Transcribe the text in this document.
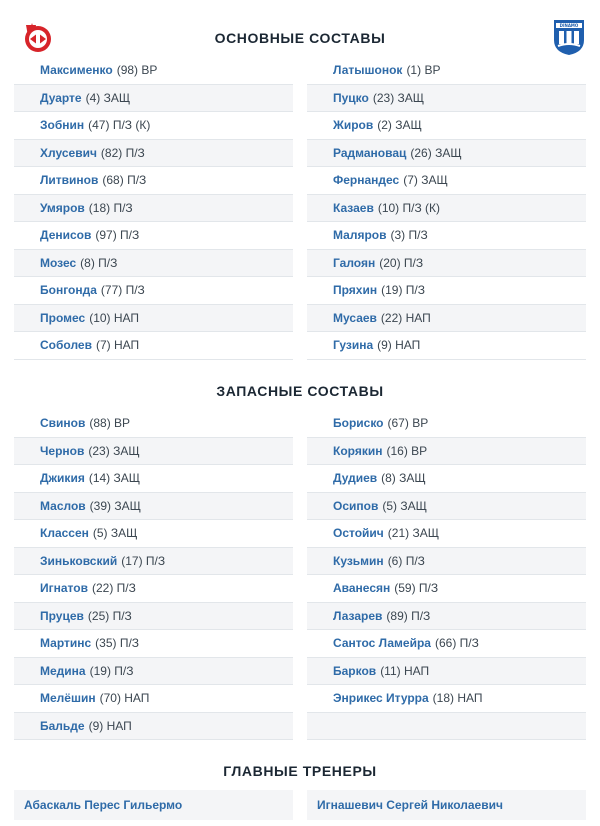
ОСНОВНЫЕ СОСТАВЫ
DINAMO
Максименко (98) ВР
Дуарте (4) ЗАЩ
Зобнин (47) П/З (К)
Хлусевич (82) П/З
Литвинов (68) П/З
Умяров (18) П/З
Денисов (97) П/З
Мозес (8) П/З
Бонгонда (77) П/З
Промес (10) НАП
Соболев (7) НАП
Латышонок (1) ВР
Пуцко (23) ЗАЩ
Жиров (2) ЗАЩ
Радмановац (26) ЗАЩ
Фернандес (7) ЗАЩ
Казаев (10) П/З (К)
Маляров (3) П/З
Галоян (20) П/З
Пряхин (19) П/З
Мусаев (22) НАП
Гузина (9) НАП
ЗАПАСНЫЕ СОСТАВЫ
Свинов (88) ВР
Чернов (23) ЗАЩ
Джикия (14) ЗАЩ
Маслов (39) ЗАЩ
Классен (5) ЗАЩ
Зиньковский (17) П/З
Игнатов (22) П/З
Пруцев (25) П/З
Мартинс (35) П/З
Медина (19) П/З
Мелёшин (70) НАП
Бальде (9) НАП
Бориско (67) ВР
Корякин (16) ВР
Дудиев (8) ЗАЩ
Осипов (5) ЗАЩ
Остойич (21) ЗАЩ
Кузьмин (6) П/З
Аванесян (59) П/З
Лазарев (89) П/З
Сантос Ламейра (66) П/З
Барков (11) НАП
Энрикес Итурра (18) НАП
ГЛАВНЫЕ ТРЕНЕРЫ
Абаскаль Перес Гильермо	Игнашевич Сергей Николаевич
